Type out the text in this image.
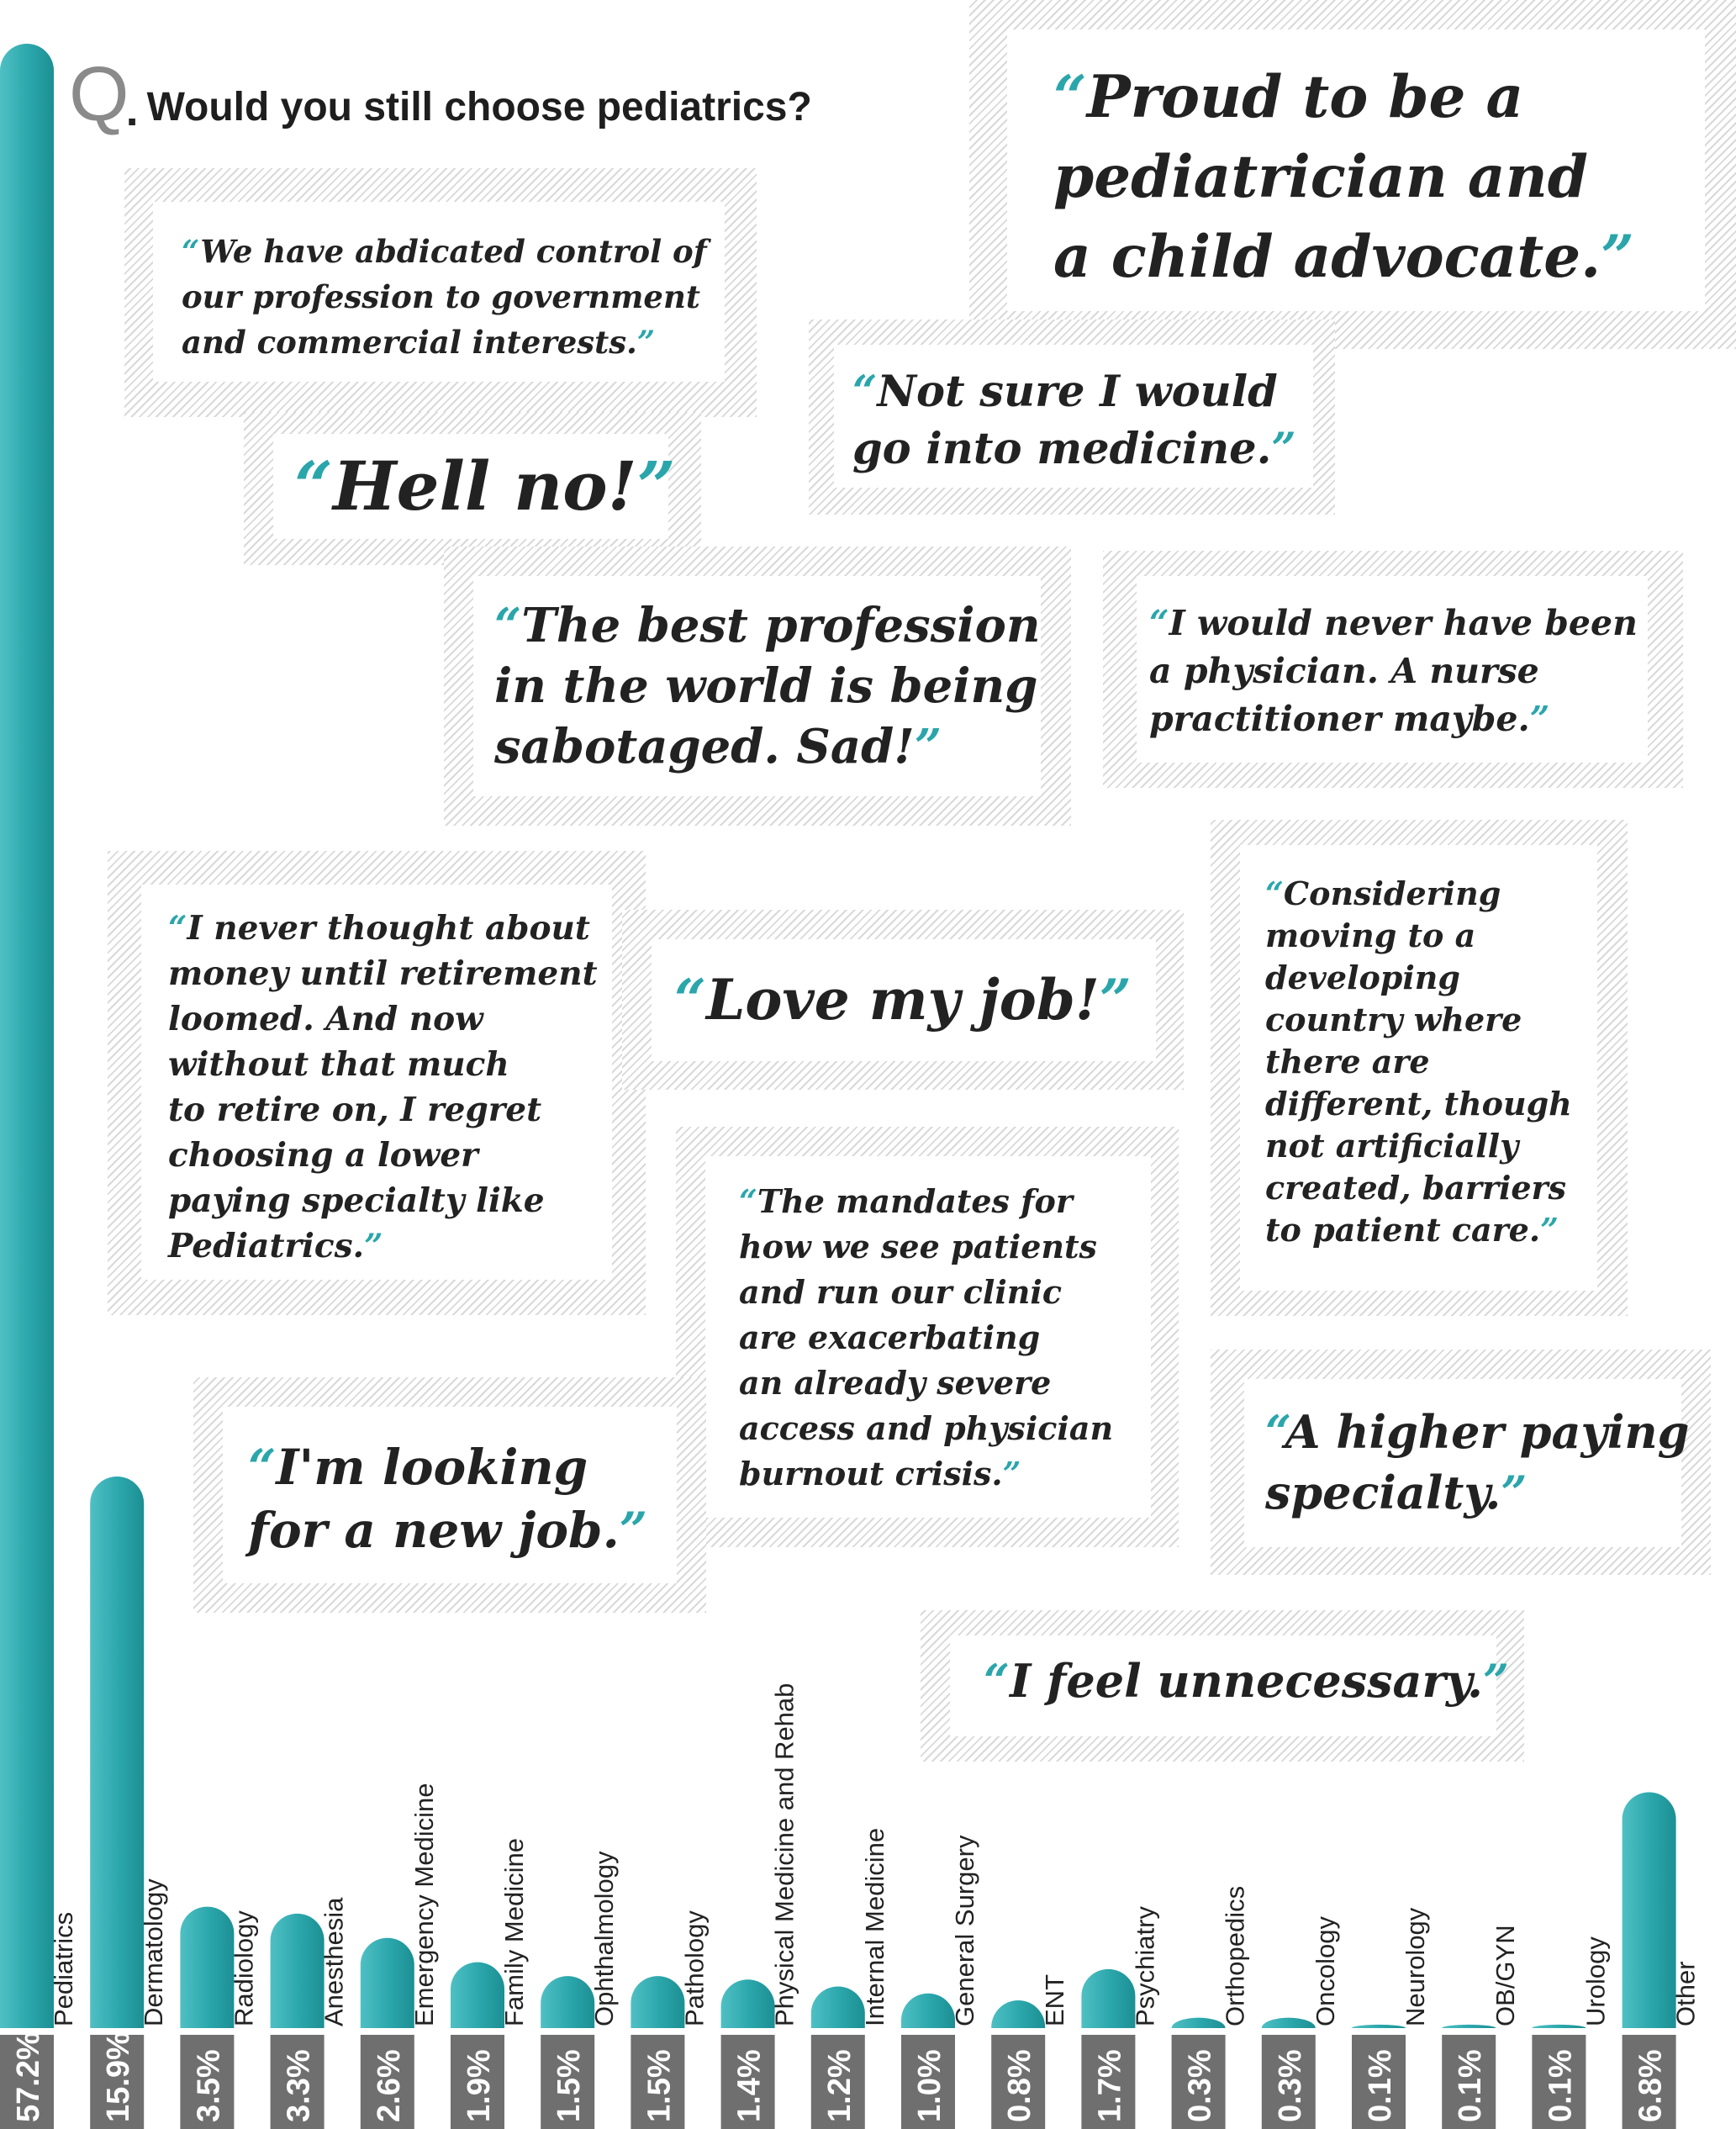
Q . Would you still choose pediatrics?
“We have abdicated control of
our profession to government
and commercial interests.”
“Proud to be a
pediatrician and
a child advocate.”
“Not sure I would
go into medicine.”
“Hell no!”
“The best profession
in the world is being
sabotaged. Sad!”
“I would never have been
a physician. A nurse
practitioner maybe.”
“I never thought about
money until retirement
loomed. And now
without that much
to retire on, I regret
choosing a lower
paying specialty like
Pediatrics.”
“Love my job!”
“Considering
moving to a
developing
country where
there are
different, though
not artificially
created, barriers
to patient care.”
“The mandates for
how we see patients
and run our clinic
are exacerbating
an already severe
access and physician
burnout crisis.”
“I'm looking
for a new job.”
“A higher paying
specialty.”
“I feel unnecessary.”
Pediatrics Dermatology Radiology Anesthesia Emergency Medicine Family Medicine Ophthalmology Pathology Physical Medicine and Rehab Internal Medicine General Surgery ENT Psychiatry Orthopedics Oncology Neurology OB/GYN Urology Other
57.2% 15.9% 3.5% 3.3% 2.6% 1.9% 1.5% 1.5% 1.4% 1.2% 1.0% 0.8% 1.7% 0.3% 0.3% 0.1% 0.1% 0.1% 6.8%
